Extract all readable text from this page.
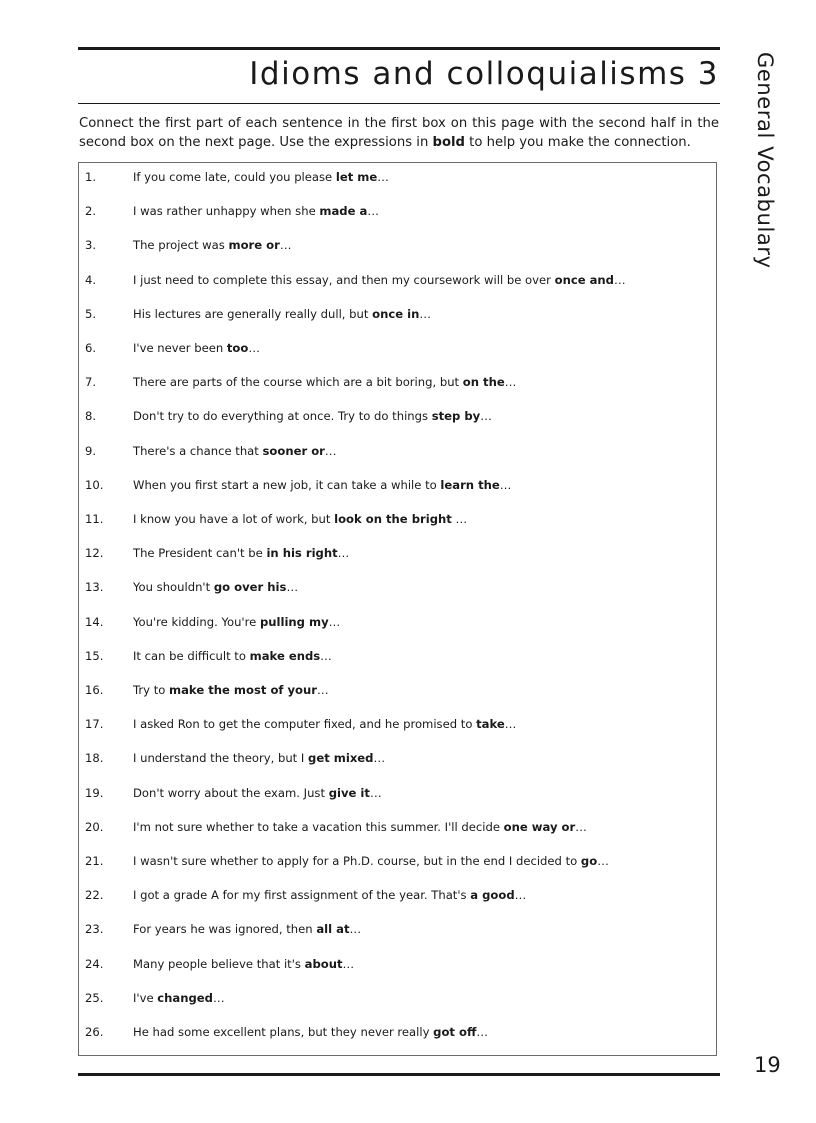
Idioms and colloquialisms 3 General Vocabulary

Connect the first part of each sentence in the first box on this page with the second half in the second box on the next page. Use the expressions in bold to help you make the connection.

1.	If you come late, could you please let me…
2.	I was rather unhappy when she made a…
3.	The project was more or…
4.	I just need to complete this essay, and then my coursework will be over once and…
5.	His lectures are generally really dull, but once in…
6.	I've never been too…
7.	There are parts of the course which are a bit boring, but on the…
8.	Don't try to do everything at once. Try to do things step by…
9.	There's a chance that sooner or…
10.	When you first start a new job, it can take a while to learn the…
11.	I know you have a lot of work, but look on the bright …
12.	The President can't be in his right…
13.	You shouldn't go over his…
14.	You're kidding. You're pulling my…
15.	It can be difficult to make ends…
16.	Try to make the most of your…
17.	I asked Ron to get the computer fixed, and he promised to take…
18.	I understand the theory, but I get mixed…
19.	Don't worry about the exam. Just give it…
20.	I'm not sure whether to take a vacation this summer. I'll decide one way or…
21.	I wasn't sure whether to apply for a Ph.D. course, but in the end I decided to go…
22.	I got a grade A for my first assignment of the year. That's a good…
23.	For years he was ignored, then all at…
24.	Many people believe that it's about…
25.	I've changed…
26.	He had some excellent plans, but they never really got off…
19
